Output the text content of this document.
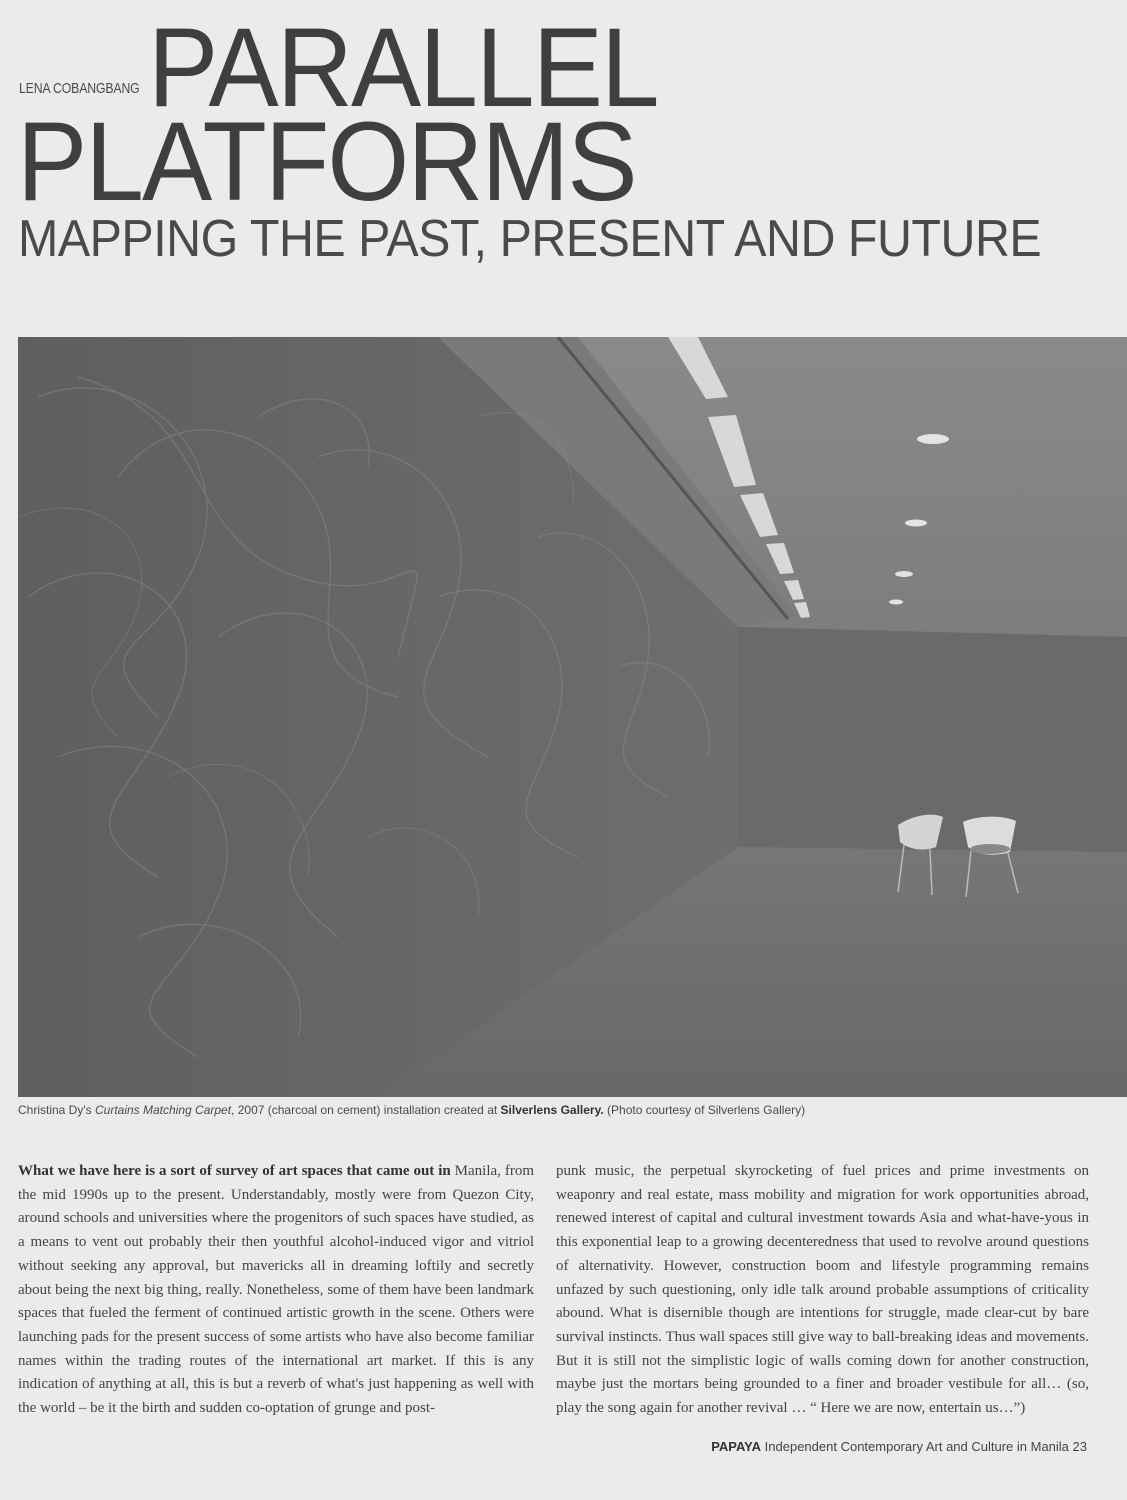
LENA COBANGBANG PARALLEL
PLATFORMS
MAPPING THE PAST, PRESENT AND FUTURE
Christina Dy's Curtains Matching Carpet, 2007 (charcoal on cement) installation created at Silverlens Gallery. (Photo courtesy of Silverlens Gallery)

What we have here is a sort of survey of art spaces that came out in Manila, from the mid 1990s up to the present. Understandably, mostly were from Quezon City, around schools and universities where the progenitors of such spaces have studied, as a means to vent out probably their then youthful alcohol-induced vigor and vitriol without seeking any approval, but mavericks all in dreaming loftily and secretly about being the next big thing, really. Nonetheless, some of them have been landmark spaces that fueled the ferment of continued artistic growth in the scene. Others were launching pads for the present success of some artists who have also become familiar names within the trading routes of the international art market. If this is any indication of anything at all, this is but a reverb of what's just happening as well with the world – be it the birth and sudden co-optation of grunge and post-

punk music, the perpetual skyrocketing of fuel prices and prime investments on weaponry and real estate, mass mobility and migration for work opportunities abroad, renewed interest of capital and cultural investment towards Asia and what-have-yous in this exponential leap to a growing decenteredness that used to revolve around questions of alternativity. However, construction boom and lifestyle programming remains unfazed by such questioning, only idle talk around probable assumptions of criticality abound. What is disernible though are intentions for struggle, made clear-cut by bare survival instincts. Thus wall spaces still give way to ball-breaking ideas and movements. But it is still not the simplistic logic of walls coming down for another construction, maybe just the mortars being grounded to a finer and broader vestibule for all… (so, play the song again for another revival … “ Here we are now, entertain us…”)

PAPAYA Independent Contemporary Art and Culture in Manila 23
